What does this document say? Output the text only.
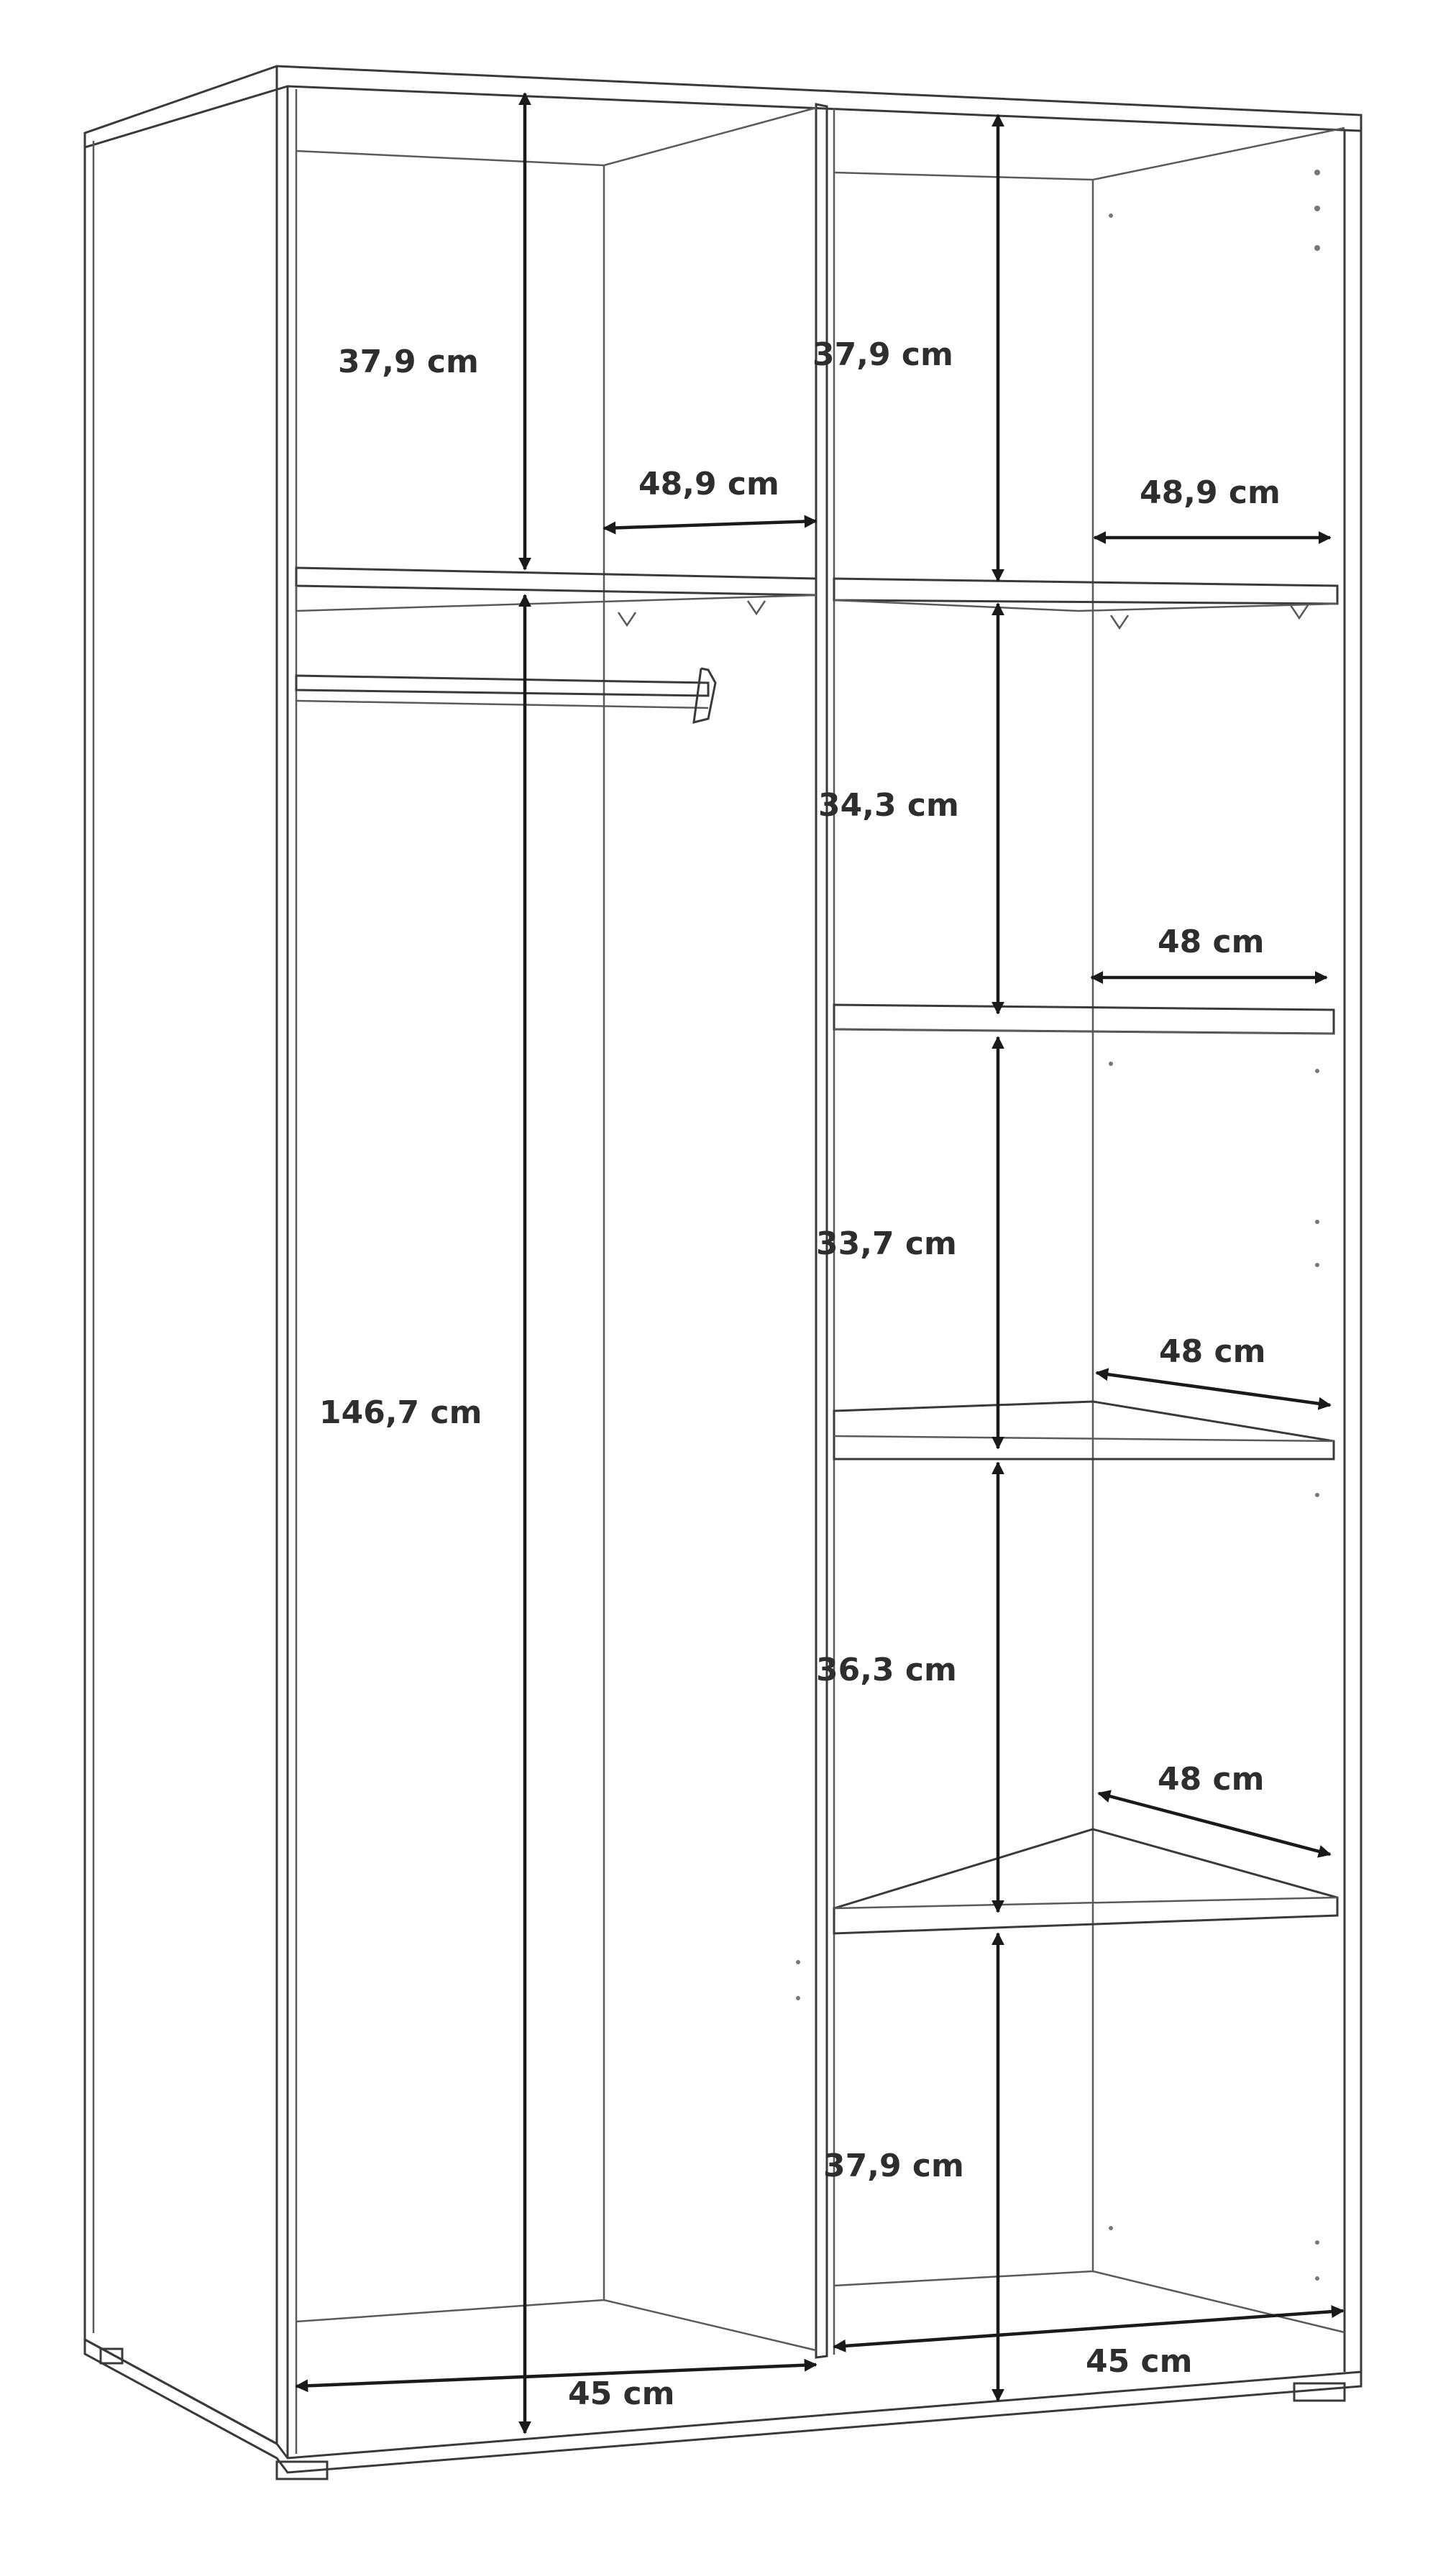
37,9 cm
48,9 cm
146,7 cm
45 cm
37,9 cm
48,9 cm
34,3 cm
48 cm
33,7 cm
48 cm
36,3 cm
48 cm
37,9 cm
45 cm
